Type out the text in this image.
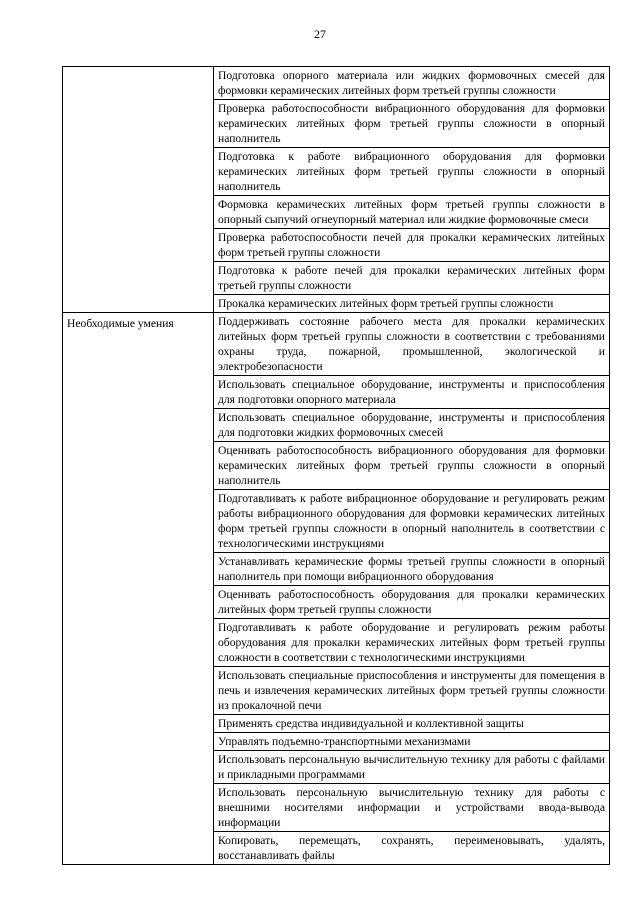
27
	Подготовка опорного материала или жидких формовочных смесей для формовки керамических литейных форм третьей группы сложности
	Проверка работоспособности вибрационного оборудования для формовки керамических литейных форм третьей группы сложности в опорный наполнитель
	Подготовка к работе вибрационного оборудования для формовки керамических литейных форм третьей группы сложности в опорный наполнитель
	Формовка керамических литейных форм третьей группы сложности в опорный сыпучий огнеупорный материал или жидкие формовочные смеси
	Проверка работоспособности печей для прокалки керамических литейных форм третьей группы сложности
	Подготовка к работе печей для прокалки керамических литейных форм третьей группы сложности
	Прокалка керамических литейных форм третьей группы сложности
Необходимые умения	Поддерживать состояние рабочего места для прокалки керамических литейных форм третьей группы сложности в соответствии с требованиями охраны труда, пожарной, промышленной, экологической и электробезопасности
	Использовать специальное оборудование, инструменты и приспособления для подготовки опорного материала
	Использовать специальное оборудование, инструменты и приспособления для подготовки жидких формовочных смесей
	Оценивать работоспособность вибрационного оборудования для формовки керамических литейных форм третьей группы сложности в опорный наполнитель
	Подготавливать к работе вибрационное оборудование и регулировать режим работы вибрационного оборудования для формовки керамических литейных форм третьей группы сложности в опорный наполнитель в соответствии с технологическими инструкциями
	Устанавливать керамические формы третьей группы сложности в опорный наполнитель при помощи вибрационного оборудования
	Оценивать работоспособность оборудования для прокалки керамических литейных форм третьей группы сложности
	Подготавливать к работе оборудование и регулировать режим работы оборудования для прокалки керамических литейных форм третьей группы сложности в соответствии с технологическими инструкциями
	Использовать специальные приспособления и инструменты для помещения в печь и извлечения керамических литейных форм третьей группы сложности из прокалочной печи
	Применять средства индивидуальной и коллективной защиты
	Управлять подъемно-транспортными механизмами
	Использовать персональную вычислительную технику для работы с файлами и прикладными программами
	Использовать персональную вычислительную технику для работы с внешними носителями информации и устройствами ввода-вывода информации
	Копировать, перемещать, сохранять, переименовывать, удалять, восстанавливать файлы
